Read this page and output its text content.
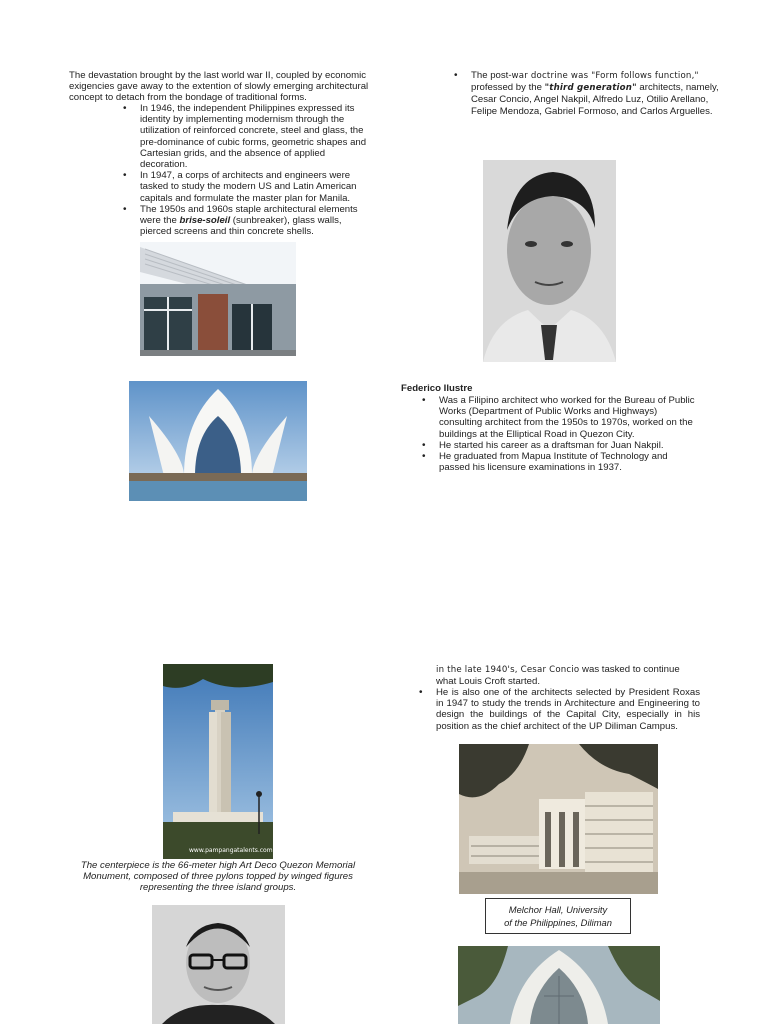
The devastation brought by the last world war II, coupled by economic exigencies gave away to the extention of slowly emerging architectural concept to detach from the bondage of traditional forms.
• In 1946, the independent Philippines expressed its identity by implementing modernism through the utilization of reinforced concrete, steel and glass, the pre-dominance of cubic forms, geometric shapes and Cartesian grids, and the absence of applied decoration.
• In 1947, a corps of architects and engineers were tasked to study the modern US and Latin American capitals and formulate the master plan for Manila.
• The 1950s and 1960s staple architectural elements were the brise-soleil (sunbreaker), glass walls, pierced screens and thin concrete shells.
www.pampangatalents.com
The centerpiece is the 66-meter high Art Deco Quezon Memorial Monument, composed of three pylons topped by winged figures representing the three island groups.
• The post-war doctrine was "Form follows function," professed by the "third generation" architects, namely, Cesar Concio, Angel Nakpil, Alfredo Luz, Otilio Arellano, Felipe Mendoza, Gabriel Formoso, and Carlos Arguelles.
Federico Ilustre
• Was a Filipino architect who worked for the Bureau of Public Works (Department of Public Works and Highways) consulting architect from the 1950s to 1970s, worked on the buildings at the Elliptical Road in Quezon City.
• He started his career as a draftsman for Juan Nakpil.
• He graduated from Mapua Institute of Technology and passed his licensure examinations in 1937.
in the late 1940's, Cesar Concio was tasked to continue what Louis Croft started.
• He is also one of the architects selected by President Roxas in 1947 to study the trends in Architecture and Engineering to design the buildings of the Capital City, especially in his position as the chief architect of the UP Diliman Campus.
Melchor Hall, University
of the Philippines, Diliman
